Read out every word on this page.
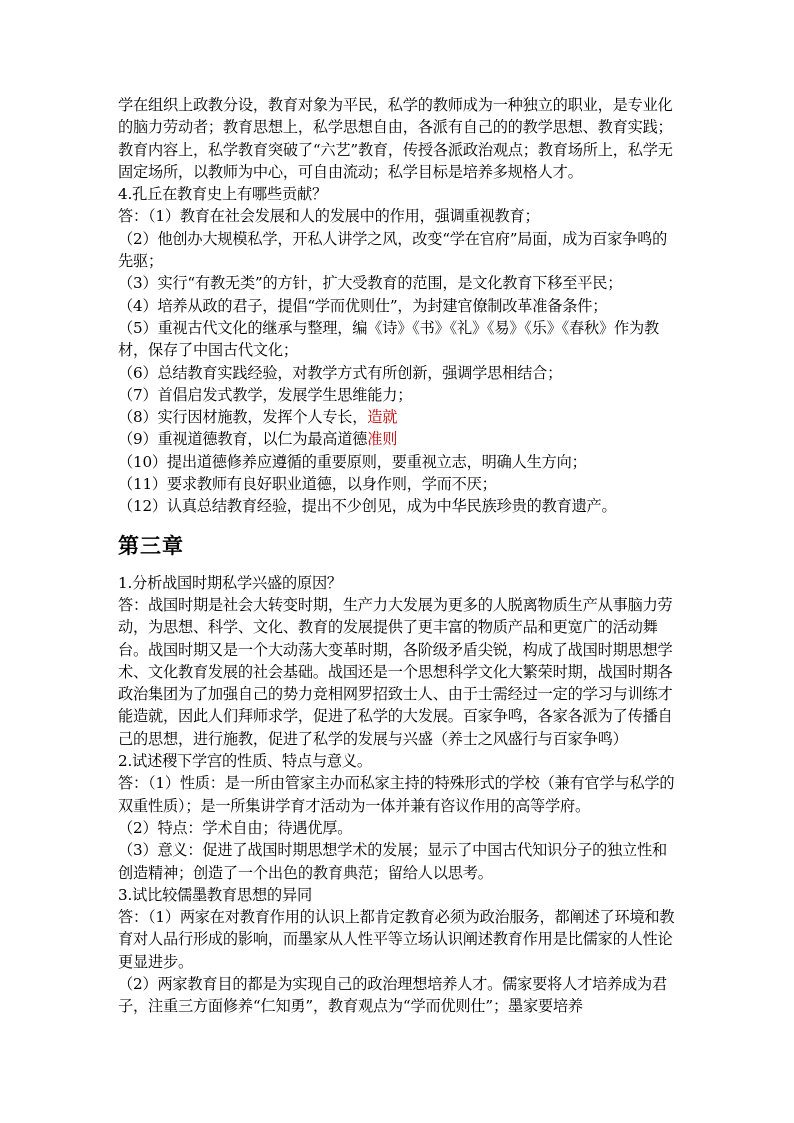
学在组织上政教分设，教育对象为平民，私学的教师成为一种独立的职业，是专业化的脑力劳动者；教育思想上，私学思想自由，各派有自己的的教学思想、教育实践；教育内容上，私学教育突破了“六艺”教育，传授各派政治观点；教育场所上，私学无固定场所，以教师为中心，可自由流动；私学目标是培养多规格人才。

4.孔丘在教育史上有哪些贡献？

答：（1）教育在社会发展和人的发展中的作用，强调重视教育；

（2）他创办大规模私学，开私人讲学之风，改变“学在官府”局面，成为百家争鸣的先驱；

（3）实行“有教无类”的方针，扩大受教育的范围，是文化教育下移至平民；

（4）培养从政的君子，提倡“学而优则仕”，为封建官僚制改革准备条件；

（5）重视古代文化的继承与整理，编《诗》《书》《礼》《易》《乐》《春秋》作为教材，保存了中国古代文化；

（6）总结教育实践经验，对教学方式有所创新，强调学思相结合；

（7）首倡启发式教学，发展学生思维能力；

（8）实行因材施教，发挥个人专长，造就

（9）重视道德教育，以仁为最高道德准则

（10）提出道德修养应遵循的重要原则，要重视立志，明确人生方向；

（11）要求教师有良好职业道德，以身作则，学而不厌；

（12）认真总结教育经验，提出不少创见，成为中华民族珍贵的教育遗产。

第三章

1.分析战国时期私学兴盛的原因？

答：战国时期是社会大转变时期，生产力大发展为更多的人脱离物质生产从事脑力劳动，为思想、科学、文化、教育的发展提供了更丰富的物质产品和更宽广的活动舞台。战国时期又是一个大动荡大变革时期，各阶级矛盾尖锐，构成了战国时期思想学术、文化教育发展的社会基础。战国还是一个思想科学文化大繁荣时期，战国时期各政治集团为了加强自己的势力竞相网罗招致士人、由于士需经过一定的学习与训练才能造就，因此人们拜师求学，促进了私学的大发展。百家争鸣，各家各派为了传播自己的思想，进行施教，促进了私学的发展与兴盛（养士之风盛行与百家争鸣）

2.试述稷下学宫的性质、特点与意义。

答：（1）性质：是一所由管家主办而私家主持的特殊形式的学校（兼有官学与私学的双重性质）；是一所集讲学育才活动为一体并兼有咨议作用的高等学府。

（2）特点：学术自由；待遇优厚。

（3）意义：促进了战国时期思想学术的发展；显示了中国古代知识分子的独立性和创造精神；创造了一个出色的教育典范；留给人以思考。

3.试比较儒墨教育思想的异同

答：（1）两家在对教育作用的认识上都肯定教育必须为政治服务，都阐述了环境和教育对人品行形成的影响，而墨家从人性平等立场认识阐述教育作用是比儒家的人性论更显进步。

（2）两家教育目的都是为实现自己的政治理想培养人才。儒家要将人才培养成为君子，注重三方面修养“仁知勇”，教育观点为“学而优则仕”；墨家要培养
